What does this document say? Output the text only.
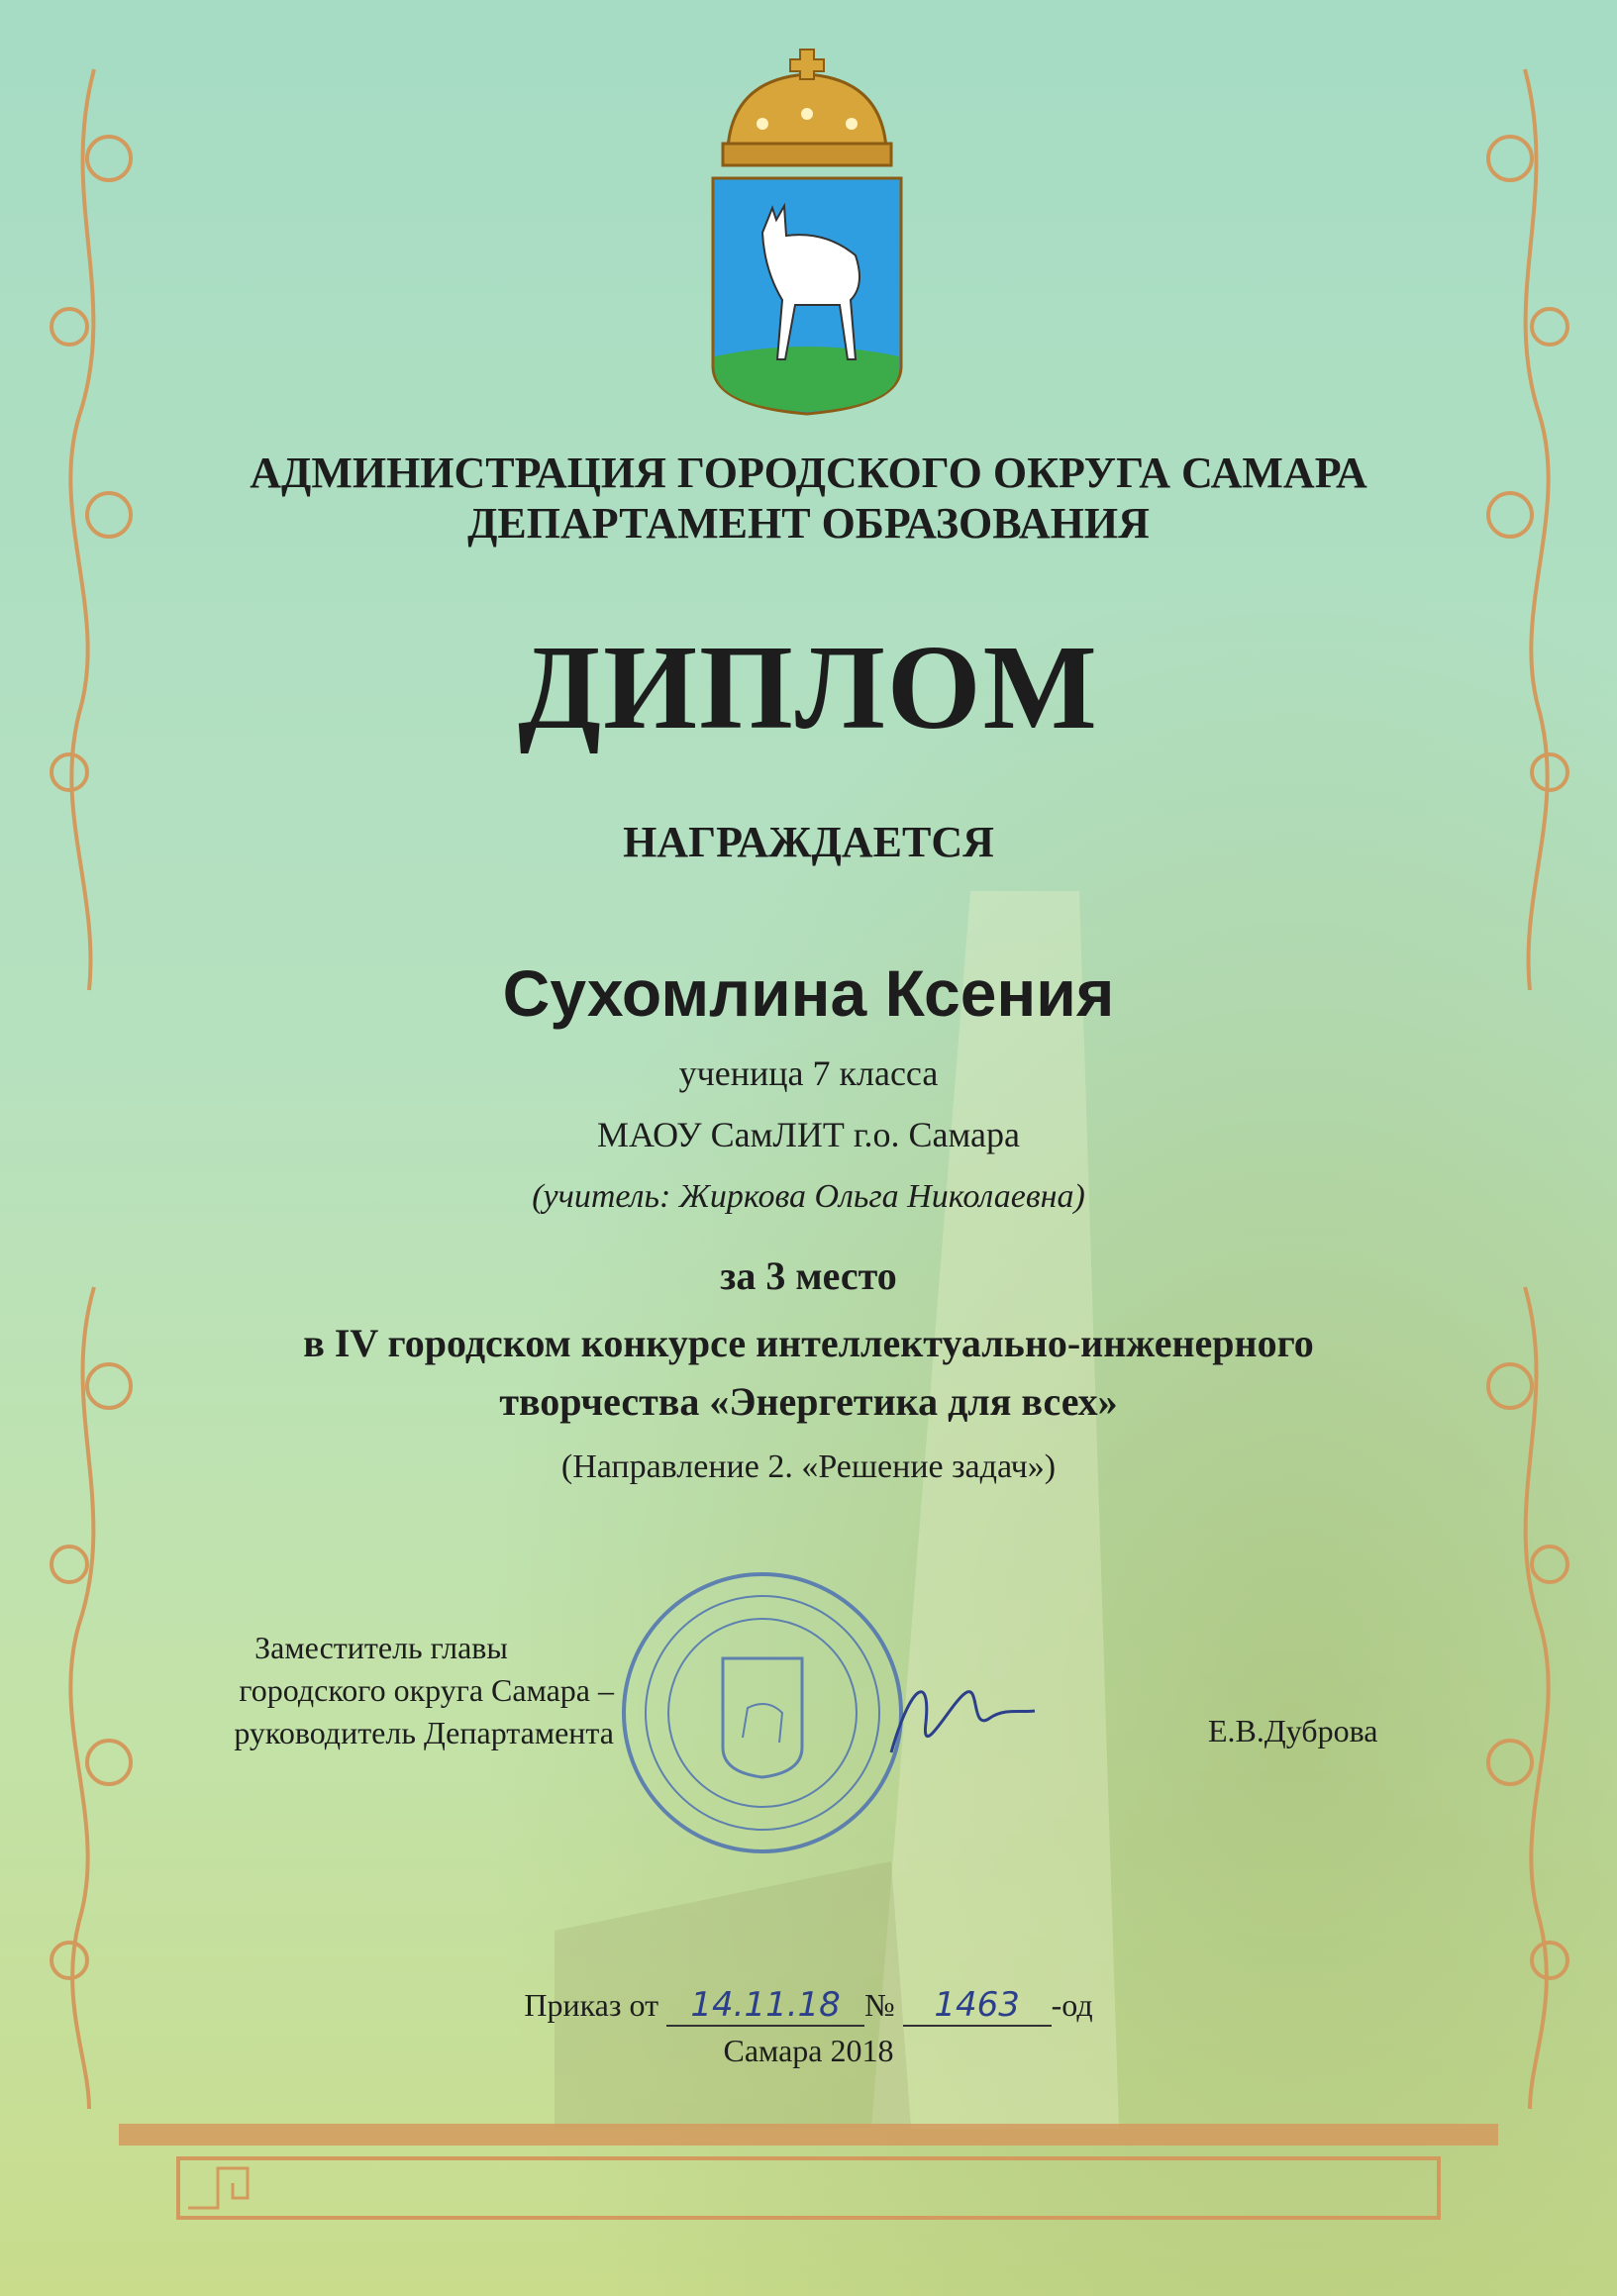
АДМИНИСТРАЦИЯ ГОРОДСКОГО ОКРУГА САМАРА
ДЕПАРТАМЕНТ ОБРАЗОВАНИЯ
ДИПЛОМ
НАГРАЖДАЕТСЯ
Сухомлина Ксения
ученица 7 класса
МАОУ СамЛИТ г.о. Самара
(учитель: Жиркова Ольга Николаевна)
за 3 место
в IV городском конкурсе интеллектуально-инженерного
творчества «Энергетика для всех»
(Направление 2. «Решение задач»)
Заместитель главы
городского округа Самара –
руководитель Департамента	Е.В.Дуброва
Приказ от 14.11.18 № 1463 -од
Самара 2018
